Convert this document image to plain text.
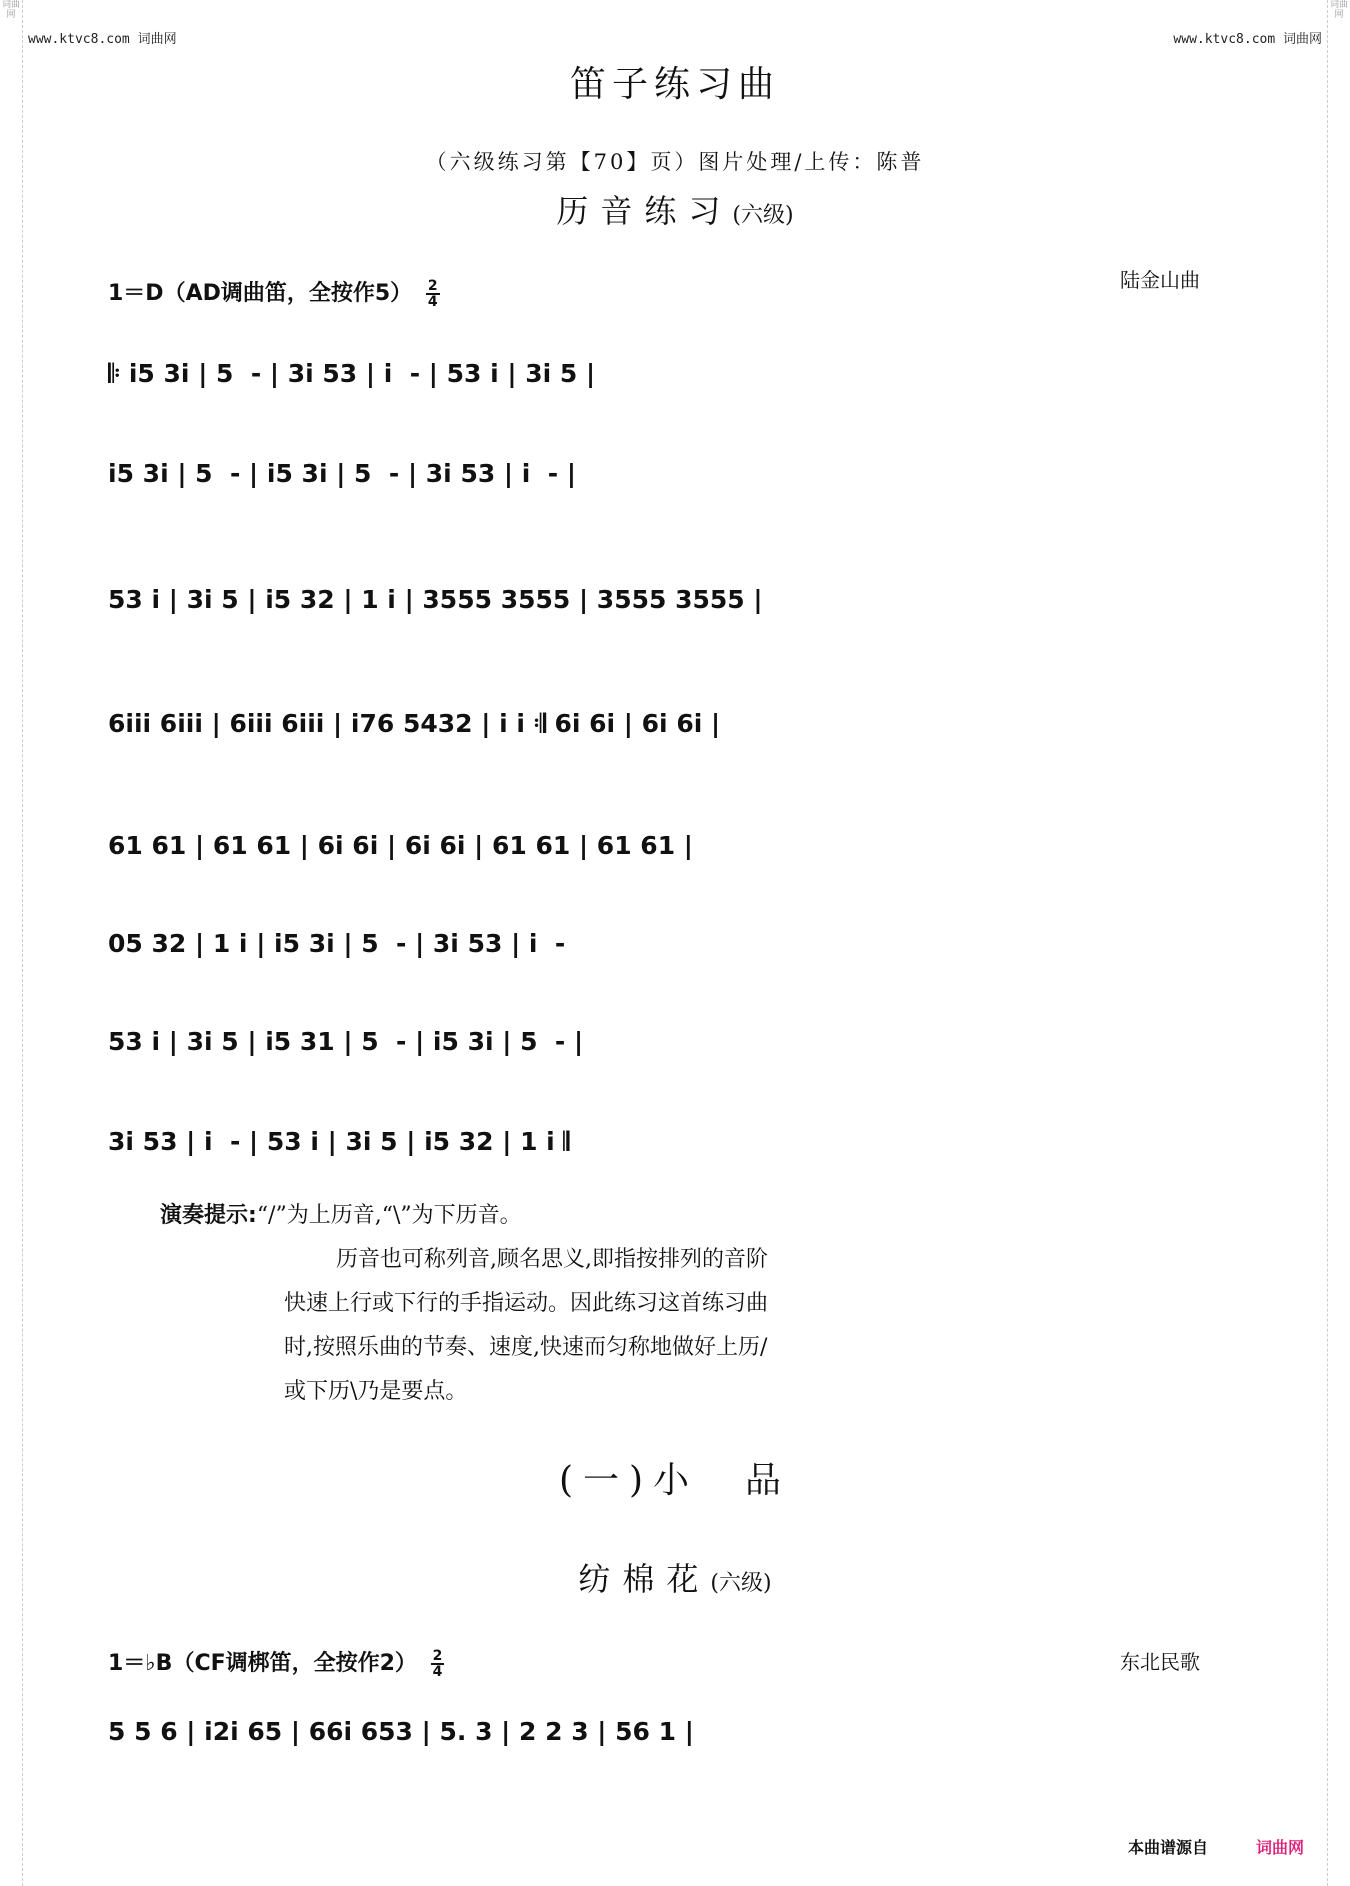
词曲网
词曲网
www.ktvc8.com 词曲网	www.ktvc8.com 词曲网
笛子练习曲
（六级练习第【70】页）图片处理/上传：陈普
历音练习(六级)
1＝D（AD调曲笛，全按作$5) \frac{2}{4}$	陆金山曲
𝄆 i5 3i | 5  - | 3i 53 | i  - | 53 i | 3i 5 |
i5 3i | 5  - | i5 3i | 5  - | 3i 53 | i  - |
53 i | 3i 5 | i5 32 | 1 i | 3555 3555 | 3555 3555 |
6iii 6iii | 6iii 6iii | i76 5432 | i i 𝄇 6i 6i | 6i 6i |
61 61 | 61 61 | 6i 6i | 6i 6i | 61 61 | 61 61 |
05 32 | 1 i | i5 3i | 5  - | 3i 53 | i  -
53 i | 3i 5 | i5 31 | 5  - | i5 3i | 5  - |
3i 53 | i  - | 53 i | 3i 5 | i5 32 | 1 i 𝄂
演奏提示:“/”为上历音,“\”为下历音。
历音也可称列音,顾名思义,即指按排列的音阶
快速上行或下行的手指运动。因此练习这首练习曲
时,按照乐曲的节奏、速度,快速而匀称地做好上历/
或下历\乃是要点。
(一)小　品
纺棉花(六级)
1＝♭B（CF调梆笛，全按作$2) \frac{2}{4}$	东北民歌
5 5 6 | i2i 65 | 66i 653 | 5. 3 | 2 2 3 | 56 1 |
本曲谱源自	词曲网
